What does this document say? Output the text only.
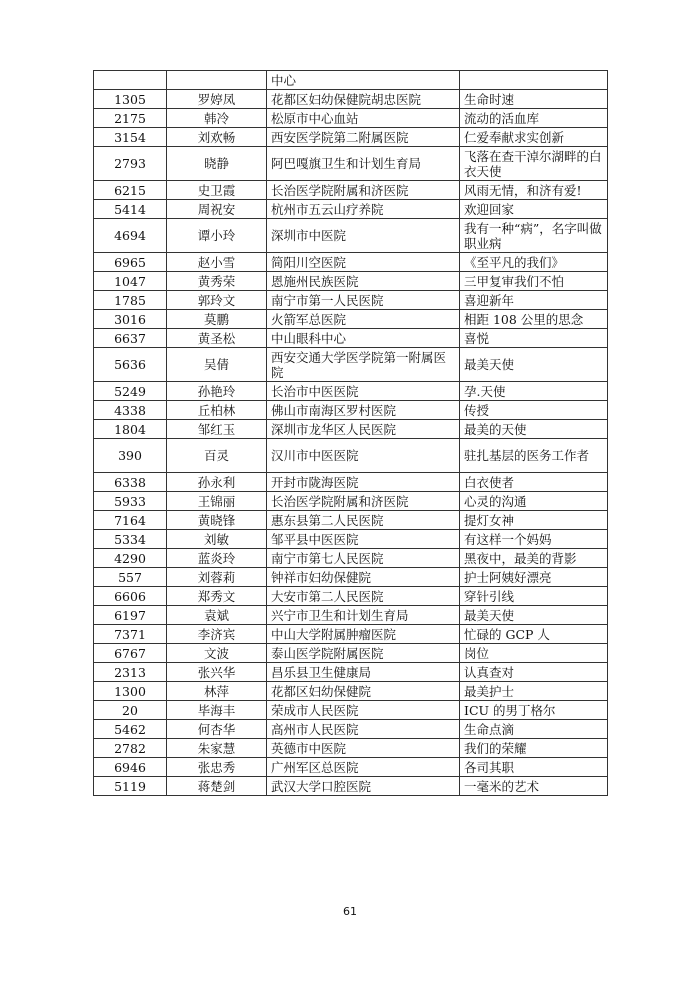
		中心	
1305	罗婷凤	花都区妇幼保健院胡忠医院	生命时速
2175	韩冷	松原市中心血站	流动的活血库
3154	刘欢畅	西安医学院第二附属医院	仁爱奉献求实创新
2793	晓静	阿巴嘎旗卫生和计划生育局	飞落在查干淖尔湖畔的白衣天使
6215	史卫霞	长治医学院附属和济医院	风雨无情，和济有爱!
5414	周祝安	杭州市五云山疗养院	欢迎回家
4694	谭小玲	深圳市中医院	我有一种“病”，名字叫做职业病
6965	赵小雪	简阳川空医院	《至平凡的我们》
1047	黄秀荣	恩施州民族医院	三甲复审我们不怕
1785	郭玲文	南宁市第一人民医院	喜迎新年
3016	莫鹏	火箭军总医院	相距 108 公里的思念
6637	黄圣松	中山眼科中心	喜悦
5636	吴倩	西安交通大学医学院第一附属医院	最美天使
5249	孙艳玲	长治市中医医院	孕.天使
4338	丘柏林	佛山市南海区罗村医院	传授
1804	邹红玉	深圳市龙华区人民医院	最美的天使
390	百灵	汉川市中医医院	驻扎基层的医务工作者
6338	孙永利	开封市陇海医院	白衣使者
5933	王锦丽	长治医学院附属和济医院	心灵的沟通
7164	黄晓锋	惠东县第二人民医院	提灯女神
5334	刘敏	邹平县中医医院	有这样一个妈妈
4290	蓝炎玲	南宁市第七人民医院	黑夜中，最美的背影
557	刘蓉莉	钟祥市妇幼保健院	护士阿姨好漂亮
6606	郑秀文	大安市第二人民医院	穿针引线
6197	袁斌	兴宁市卫生和计划生育局	最美天使
7371	李济宾	中山大学附属肿瘤医院	忙碌的 GCP 人
6767	文波	泰山医学院附属医院	岗位
2313	张兴华	昌乐县卫生健康局	认真查对
1300	林萍	花都区妇幼保健院	最美护士
20	毕海丰	荣成市人民医院	ICU 的男丁格尔
5462	何杏华	高州市人民医院	生命点滴
2782	朱家慧	英德市中医院	我们的荣耀
6946	张忠秀	广州军区总医院	各司其职
5119	蒋楚剑	武汉大学口腔医院	一毫米的艺术
61
